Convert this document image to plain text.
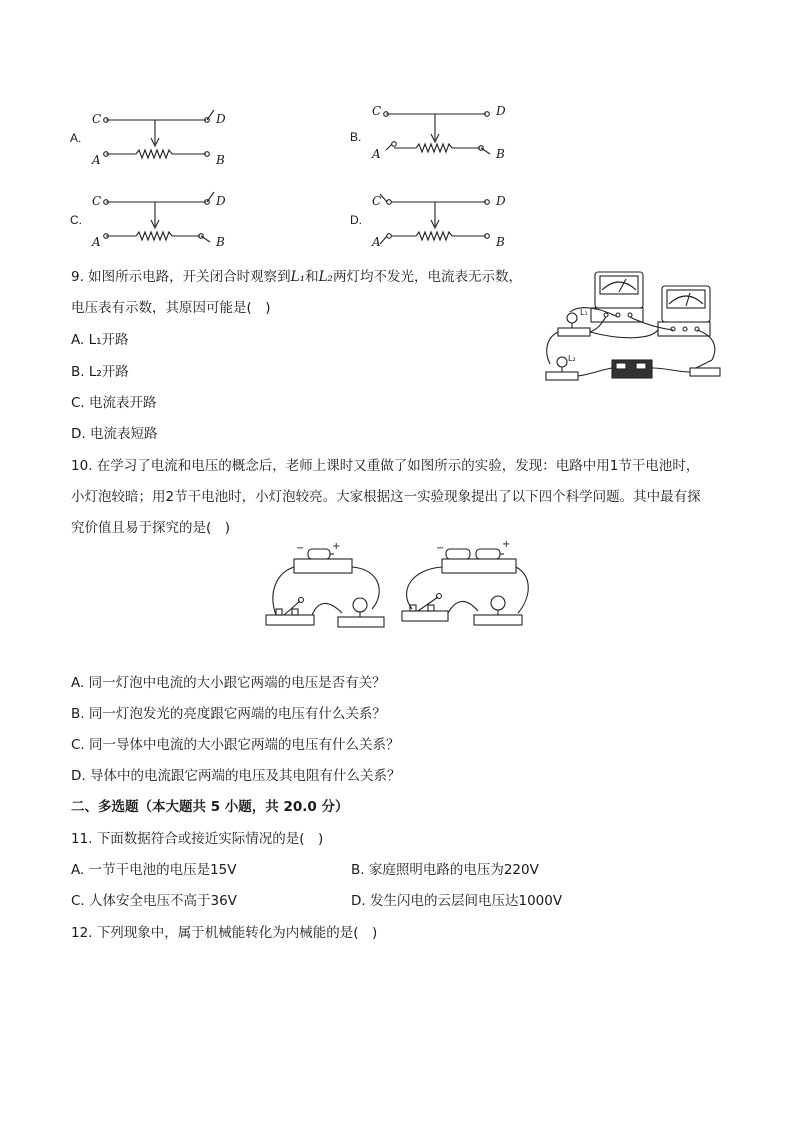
A.
C	D
A	B
B.
C	D
A	B
C.
C	D
A	B
D.
C	D
A	B
9. 如图所示电路，开关闭合时观察到L₁和L₂两灯均不发光，电流表无示数，
电压表有示数，其原因可能是(　)
A. L₁开路
B. L₂开路
C. 电流表开路
D. 电流表短路
L₁
L₂
10. 在学习了电流和电压的概念后，老师上课时又重做了如图所示的实验，发现：电路中用1节干电池时，
小灯泡较暗；用2节干电池时，小灯泡较亮。大家根据这一实验现象提出了以下四个科学问题。其中最有探
究价值且易于探究的是(　)
−	+	−	+
A. 同一灯泡中电流的大小跟它两端的电压是否有关？
B. 同一灯泡发光的亮度跟它两端的电压有什么关系？
C. 同一导体中电流的大小跟它两端的电压有什么关系？
D. 导体中的电流跟它两端的电压及其电阻有什么关系？
二、多选题（本大题共 5 小题，共 20.0 分）
11. 下面数据符合或接近实际情况的是(　)
A. 一节干电池的电压是15V	B. 家庭照明电路的电压为220V
C. 人体安全电压不高于36V	D. 发生闪电的云层间电压达1000V
12. 下列现象中，属于机械能转化为内械能的是(　)
